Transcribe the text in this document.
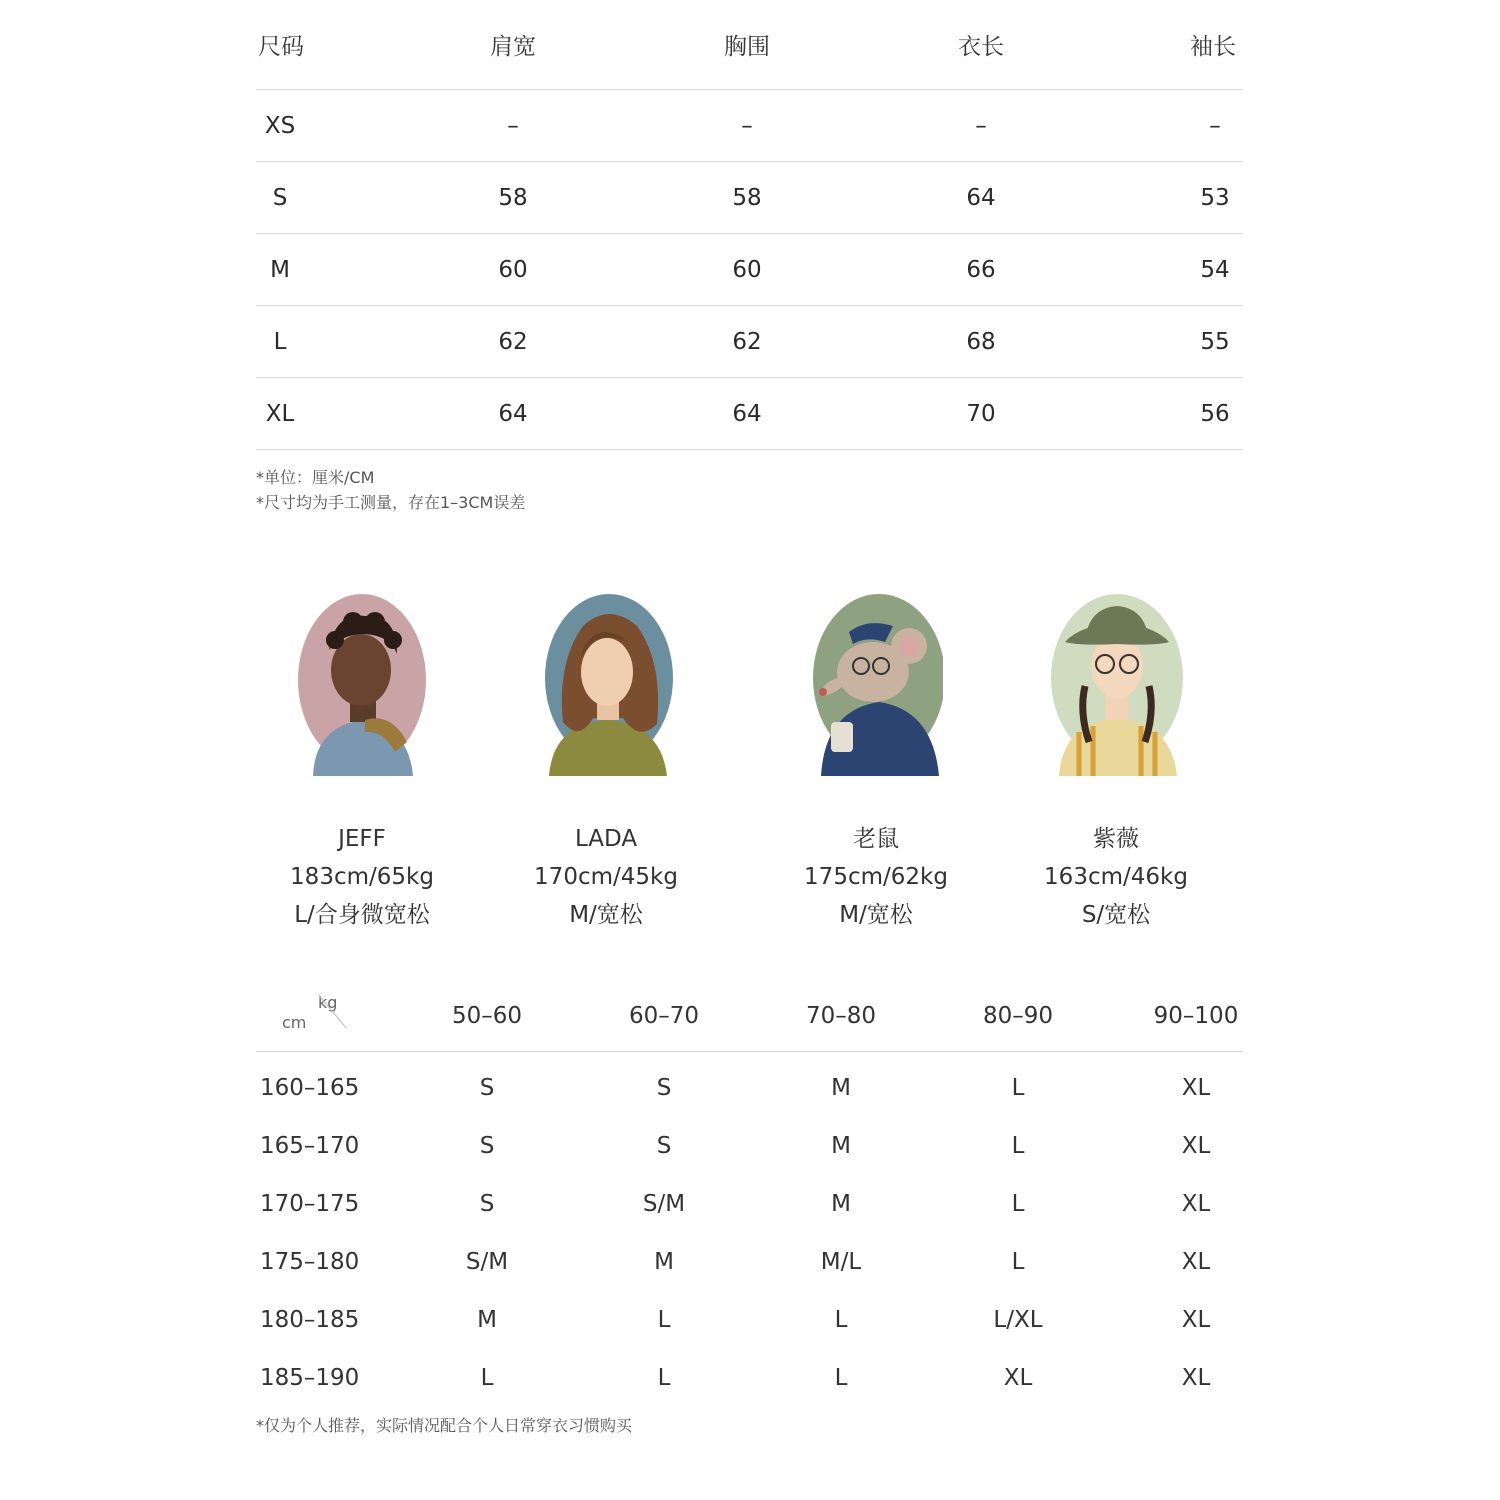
尺码	肩宽	胸围	衣长	袖长
XS	–	–	–	–
S	58	58	64	53
M	60	60	66	54
L	62	62	68	55
XL	64	64	70	56
*单位：厘米/CM
*尺寸均为手工测量，存在1–3CM误差
JEFF
183cm/65kg
L/合身微宽松
LADA
170cm/45kg
M/宽松
老鼠
175cm/62kg
M/宽松
紫薇
163cm/46kg
S/宽松
kg
cm	50–60	60–70	70–80	80–90	90–100
160–165	S	S	M	L	XL
165–170	S	S	M	L	XL
170–175	S	S/M	M	L	XL
175–180	S/M	M	M/L	L	XL
180–185	M	L	L	L/XL	XL
185–190	L	L	L	XL	XL
*仅为个人推荐，实际情况配合个人日常穿衣习惯购买
